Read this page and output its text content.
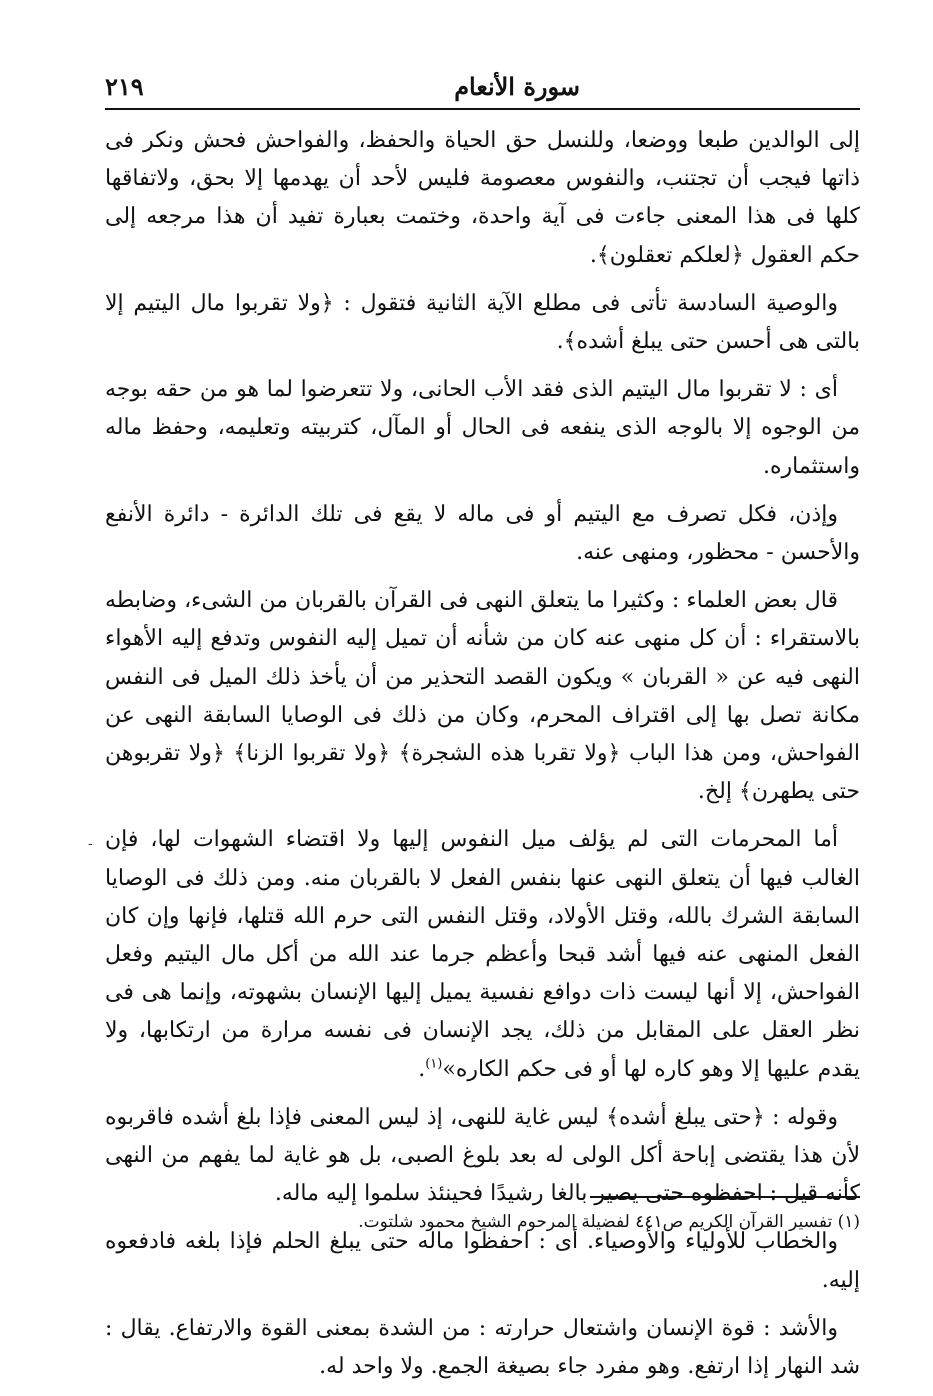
سورة الأنعام
٢١٩

إلى الوالدين طبعا ووضعا، وللنسل حق الحياة والحفظ، والفواحش فحش ونكر فى ذاتها فيجب أن تجتنب، والنفوس معصومة فليس لأحد أن يهدمها إلا بحق، ولاتفاقها كلها فى هذا المعنى جاءت فى آية واحدة، وختمت بعبارة تفيد أن هذا مرجعه إلى حكم العقول ﴿لعلكم تعقلون﴾.

والوصية السادسة تأتى فى مطلع الآية الثانية فتقول : ﴿ولا تقربوا مال اليتيم إلا بالتى هى أحسن حتى يبلغ أشده﴾.

أى : لا تقربوا مال اليتيم الذى فقد الأب الحانى، ولا تتعرضوا لما هو من حقه بوجه من الوجوه إلا بالوجه الذى ينفعه فى الحال أو المآل، كتربيته وتعليمه، وحفظ ماله واستثماره.

وإذن، فكل تصرف مع اليتيم أو فى ماله لا يقع فى تلك الدائرة - دائرة الأنفع والأحسن - محظور، ومنهى عنه.

قال بعض العلماء : وكثيرا ما يتعلق النهى فى القرآن بالقربان من الشىء، وضابطه بالاستقراء : أن كل منهى عنه كان من شأنه أن تميل إليه النفوس وتدفع إليه الأهواء النهى فيه عن « القربان » ويكون القصد التحذير من أن يأخذ ذلك الميل فى النفس مكانة تصل بها إلى اقتراف المحرم، وكان من ذلك فى الوصايا السابقة النهى عن الفواحش، ومن هذا الباب ﴿ولا تقربا هذه الشجرة﴾ ﴿ولا تقربوا الزنا﴾ ﴿ولا تقربوهن حتى يطهرن﴾ إلخ.

أما المحرمات التى لم يؤلف ميل النفوس إليها ولا اقتضاء الشهوات لها، فإن الغالب فيها أن يتعلق النهى عنها بنفس الفعل لا بالقربان منه. ومن ذلك فى الوصايا السابقة الشرك بالله، وقتل الأولاد، وقتل النفس التى حرم الله قتلها، فإنها وإن كان الفعل المنهى عنه فيها أشد قبحا وأعظم جرما عند الله من أكل مال اليتيم وفعل الفواحش، إلا أنها ليست ذات دوافع نفسية يميل إليها الإنسان بشهوته، وإنما هى فى نظر العقل على المقابل من ذلك، يجد الإنسان فى نفسه مرارة من ارتكابها، ولا يقدم عليها إلا وهو كاره لها أو فى حكم الكاره»$^{(١)}$.

وقوله : ﴿حتى يبلغ أشده﴾ ليس غاية للنهى، إذ ليس المعنى فإذا بلغ أشده فاقربوه لأن هذا يقتضى إباحة أكل الولى له بعد بلوغ الصبى، بل هو غاية لما يفهم من النهى كأنه قيل : احفظوه حتى يصير بالغا رشيدًا فحينئذ سلموا إليه ماله.

والخطاب للأولياء والأوصياء. أى : احفظوا ماله حتى يبلغ الحلم فإذا بلغه فادفعوه إليه.

والأشد : قوة الإنسان واشتعال حرارته : من الشدة بمعنى القوة والارتفاع. يقال : شد النهار إذا ارتفع. وهو مفرد جاء بصيغة الجمع. ولا واحد له.

-
(١) تفسير القرآن الكريم ص٤٤١ لفضيلة المرحوم الشيخ محمود شلتوت.
